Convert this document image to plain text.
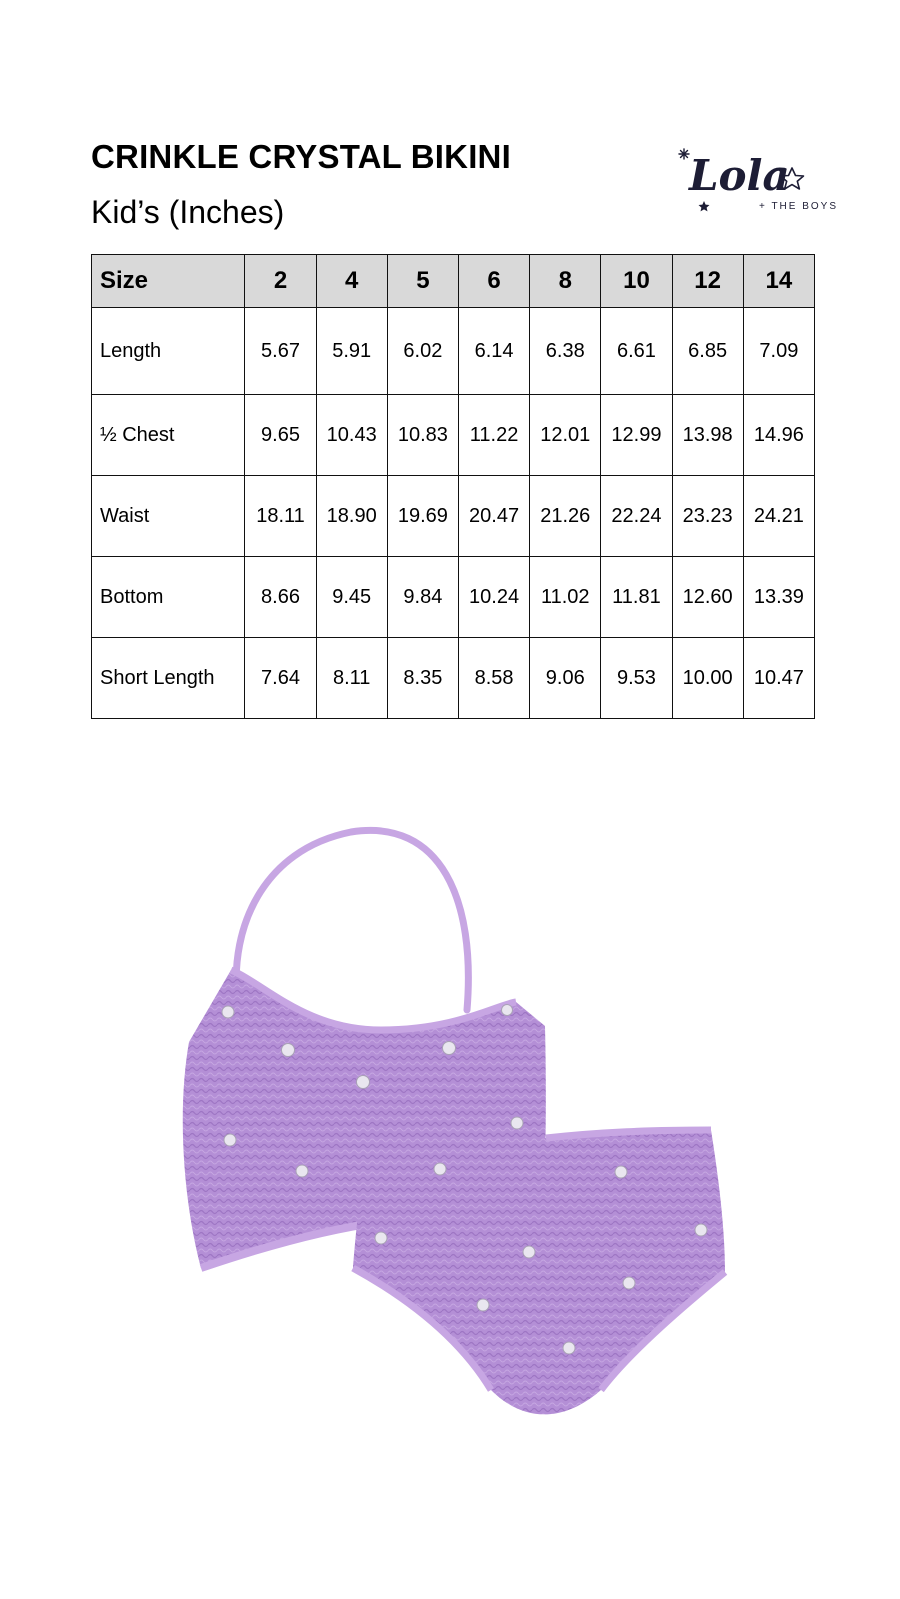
CRINKLE CRYSTAL BIKINI
Kid’s (Inches)
Lola
+ THE BOYS
Size	2	4	5	6	8	10	12	14
Length	5.67	5.91	6.02	6.14	6.38	6.61	6.85	7.09
½ Chest	9.65	10.43	10.83	11.22	12.01	12.99	13.98	14.96
Waist	18.11	18.90	19.69	20.47	21.26	22.24	23.23	24.21
Bottom	8.66	9.45	9.84	10.24	11.02	11.81	12.60	13.39
Short Length	7.64	8.11	8.35	8.58	9.06	9.53	10.00	10.47
